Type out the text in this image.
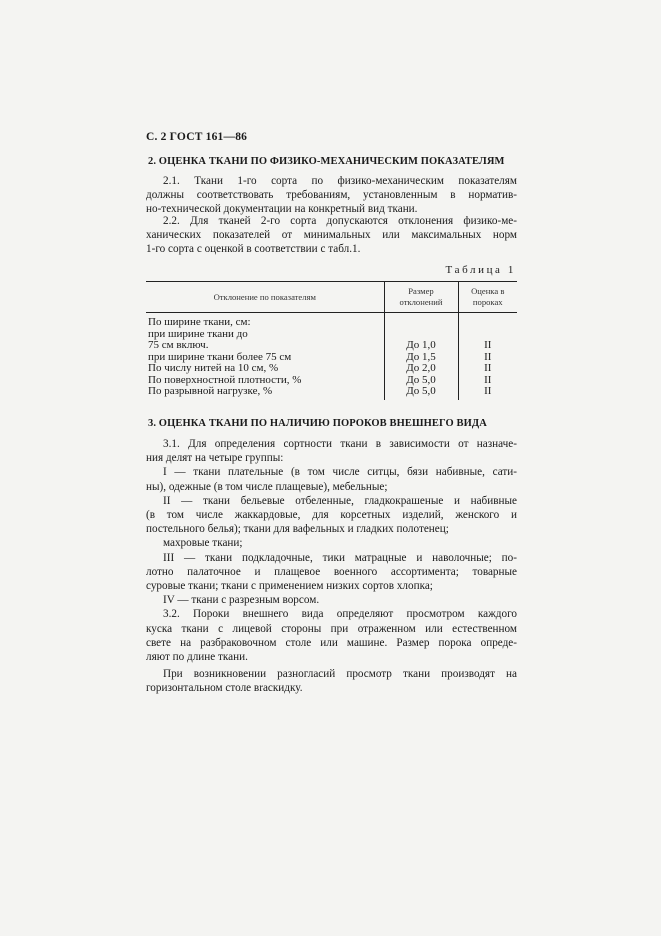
С. 2 ГОСТ 161—86
2. ОЦЕНКА ТКАНИ ПО ФИЗИКО-МЕХАНИЧЕСКИМ ПОКАЗАТЕЛЯМ
2.1. Ткани 1-го сорта по физико-механическим показателям
должны соответствовать требованиям, установленным в норматив-
но-технической документации на конкретный вид ткани.
2.2. Для тканей 2-го сорта допускаются отклонения физико-ме-
ханических показателей от минимальных или максимальных норм
1-го сорта с оценкой в соответствии с табл.1.
Таблица 1
Отклонение по показателям	Размер отклонений	Оценка в пороках
По ширине ткани, см:		
при ширине ткани до		
75 см включ.	До 1,0	II
при ширине ткани более 75 см	До 1,5	II
По числу нитей на 10 см, %	До 2,0	II
По поверхностной плотности, %	До 5,0	II
По разрывной нагрузке, %	До 5,0	II
3. ОЦЕНКА ТКАНИ ПО НАЛИЧИЮ ПОРОКОВ ВНЕШНЕГО ВИДА
3.1. Для определения сортности ткани в зависимости от назначе-
ния делят на четыре группы:
I — ткани плательные (в том числе ситцы, бязи набивные, сати-
ны), одежные (в том числе плащевые), мебельные;
II — ткани бельевые отбеленные, гладкокрашеные и набивные
(в том числе жаккардовые, для корсетных изделий, женского и
постельного белья); ткани для вафельных и гладких полотенец;
махровые ткани;
III — ткани подкладочные, тики матрацные и наволочные; по-
лотно палаточное и плащевое военного ассортимента; товарные
суровые ткани; ткани с применением низких сортов хлопка;
IV — ткани с разрезным ворсом.
3.2. Пороки внешнего вида определяют просмотром каждого
куска ткани с лицевой стороны при отраженном или естественном
свете на разбраковочном столе или машине. Размер порока опреде-
ляют по длине ткани.
При возникновении разногласий просмотр ткани производят на
горизонтальном столе вraскидку.
